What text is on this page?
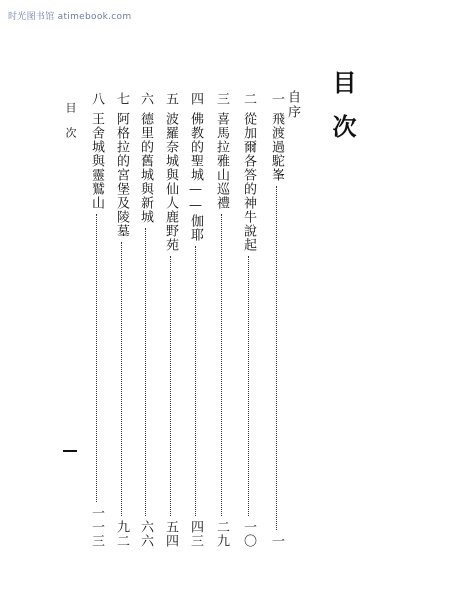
时光图书馆 atimebook.com
目次
自序
一
飛渡過駝峯
一
二
從加爾各答的神牛說起
一〇
三
喜馬拉雅山巡禮
二九
四
佛教的聖城——伽耶
四三
五
波羅奈城與仙人鹿野苑
五四
六
德里的舊城與新城
六六
七
阿格拉的宮堡及陵墓
九二
八
王舍城與靈鷲山
一一三
目次
